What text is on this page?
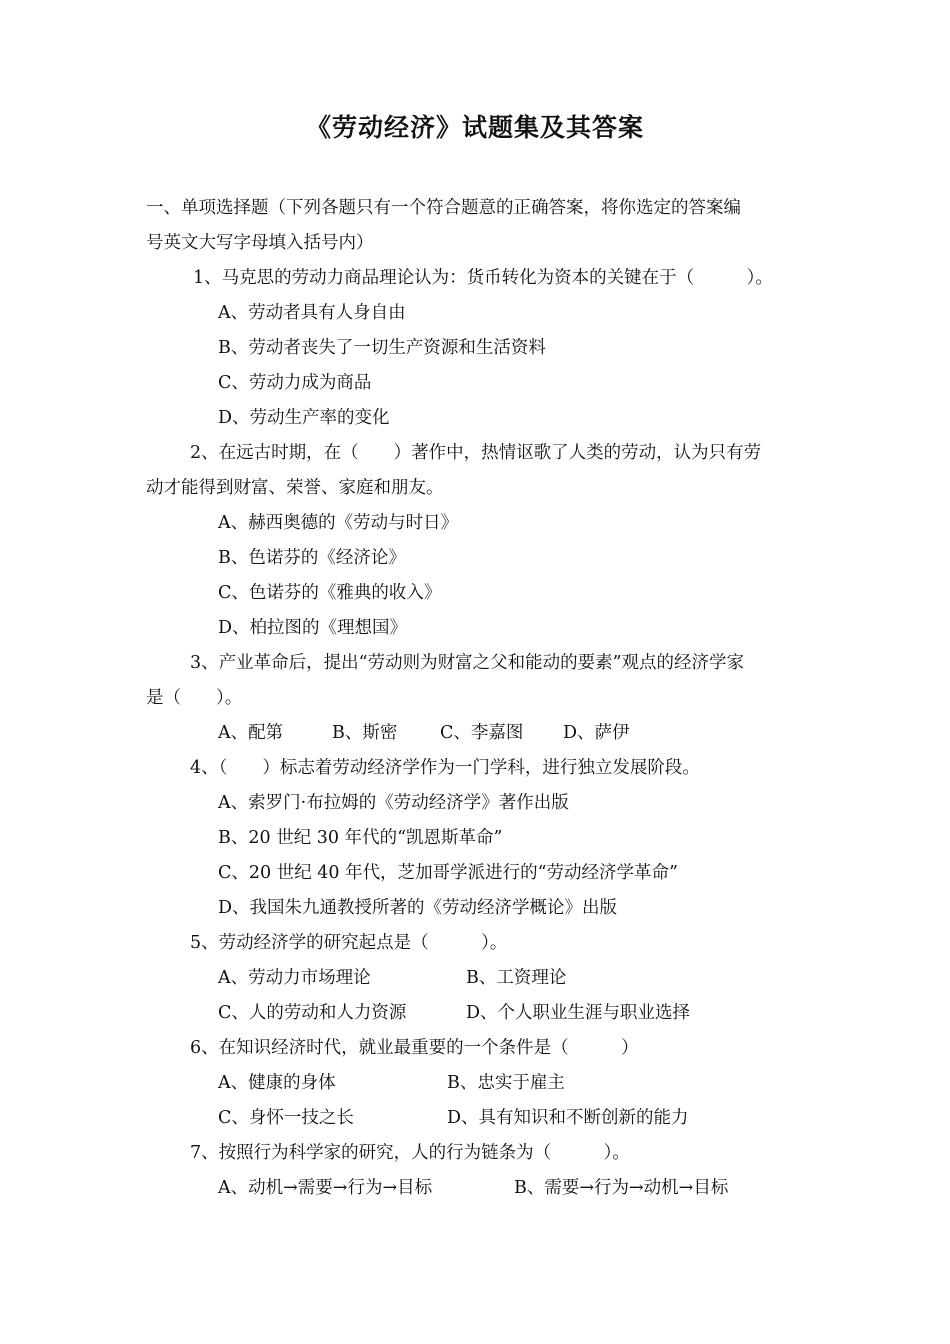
《劳动经济》试题集及其答案
一、单项选择题（下列各题只有一个符合题意的正确答案，将你选定的答案编
号英文大写字母填入括号内）
1、马克思的劳动力商品理论认为：货币转化为资本的关键在于（　　　）。
A、劳动者具有人身自由
B、劳动者丧失了一切生产资源和生活资料
C、劳动力成为商品
D、劳动生产率的变化
2、在远古时期，在（　　）著作中，热情讴歌了人类的劳动，认为只有劳
动才能得到财富、荣誉、家庭和朋友。
A、赫西奥德的《劳动与时日》
B、色诺芬的《经济论》
C、色诺芬的《雅典的收入》
D、柏拉图的《理想国》
3、产业革命后，提出“劳动则为财富之父和能动的要素”观点的经济学家
是（　　）。
A、配第	B、斯密 C、李嘉图 D、萨伊
4、（　　）标志着劳动经济学作为一门学科，进行独立发展阶段。
A、索罗门·布拉姆的《劳动经济学》著作出版
B、20 世纪 30 年代的“凯恩斯革命”
C、20 世纪 40 年代，芝加哥学派进行的“劳动经济学革命”
D、我国朱九通教授所著的《劳动经济学概论》出版
5、劳动经济学的研究起点是（　　　）。
A、劳动力市场理论	B、工资理论
C、人的劳动和人力资源	D、个人职业生涯与职业选择
6、在知识经济时代，就业最重要的一个条件是（　　　）
A、健康的身体	B、忠实于雇主
C、身怀一技之长	D、具有知识和不断创新的能力
7、按照行为科学家的研究，人的行为链条为（　　　）。
A、动机→需要→行为→目标	B、需要→行为→动机→目标
